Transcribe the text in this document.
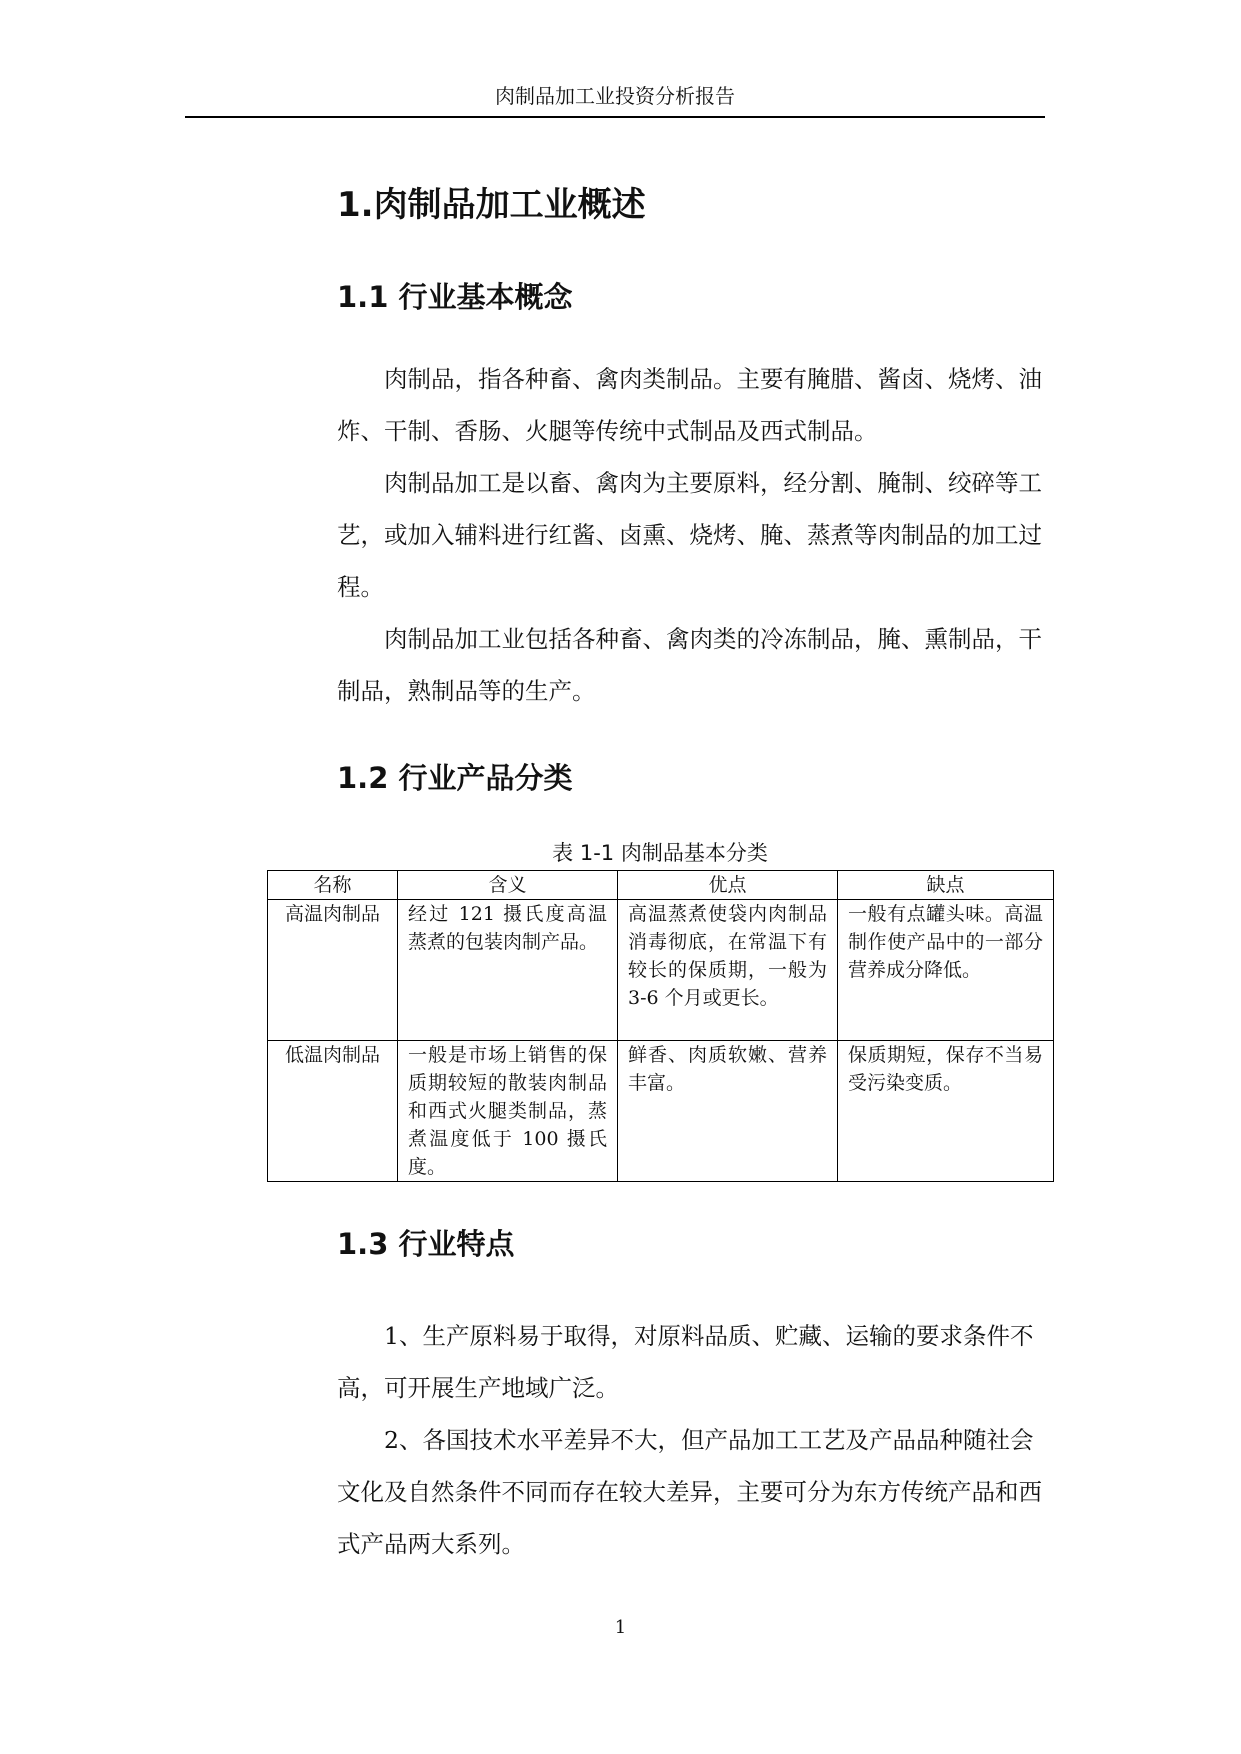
肉制品加工业投资分析报告
1.肉制品加工业概述
1.1 行业基本概念

肉制品，指各种畜、禽肉类制品。主要有腌腊、酱卤、烧烤、油炸、干制、香肠、火腿等传统中式制品及西式制品。

肉制品加工是以畜、禽肉为主要原料，经分割、腌制、绞碎等工艺，或加入辅料进行红酱、卤熏、烧烤、腌、蒸煮等肉制品的加工过程。

肉制品加工业包括各种畜、禽肉类的冷冻制品，腌、熏制品，干制品，熟制品等的生产。

1.2 行业产品分类
表 1-1 肉制品基本分类
名称	含义	优点	缺点
高温肉制品	经过 121 摄氏度高温蒸煮的包装肉制产品。	高温蒸煮使袋内肉制品消毒彻底，在常温下有较长的保质期，一般为 3-6 个月或更长。	一般有点罐头味。高温制作使产品中的一部分营养成分降低。
低温肉制品	一般是市场上销售的保质期较短的散装肉制品和西式火腿类制品，蒸煮温度低于 100 摄氏度。	鲜香、肉质软嫩、营养丰富。	保质期短，保存不当易受污染变质。
1.3 行业特点

1、生产原料易于取得，对原料品质、贮藏、运输的要求条件不高，可开展生产地域广泛。

2、各国技术水平差异不大，但产品加工工艺及产品品种随社会文化及自然条件不同而存在较大差异，主要可分为东方传统产品和西式产品两大系列。

1
